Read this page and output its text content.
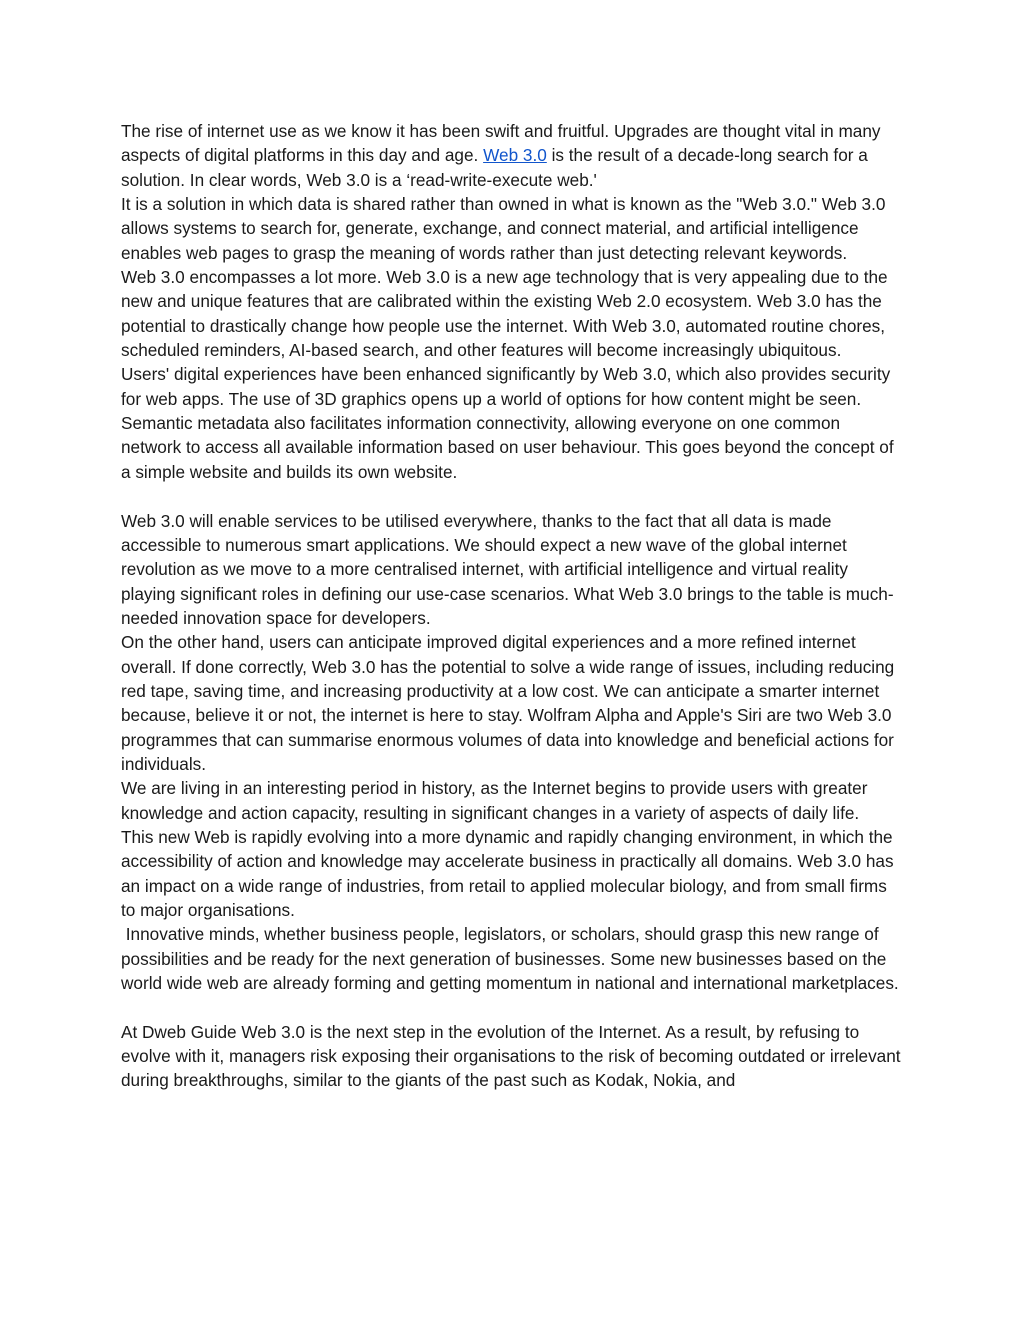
The rise of internet use as we know it has been swift and fruitful. Upgrades are thought vital in many aspects of digital platforms in this day and age. Web 3.0 is the result of a decade-long search for a solution. In clear words, Web 3.0 is a ‘read-write-execute web.'

It is a solution in which data is shared rather than owned in what is known as the "Web 3.0." Web 3.0 allows systems to search for, generate, exchange, and connect material, and artificial intelligence enables web pages to grasp the meaning of words rather than just detecting relevant keywords.

Web 3.0 encompasses a lot more. Web 3.0 is a new age technology that is very appealing due to the new and unique features that are calibrated within the existing Web 2.0 ecosystem. Web 3.0 has the potential to drastically change how people use the internet. With Web 3.0, automated routine chores, scheduled reminders, AI-based search, and other features will become increasingly ubiquitous.

Users' digital experiences have been enhanced significantly by Web 3.0, which also provides security for web apps. The use of 3D graphics opens up a world of options for how content might be seen. Semantic metadata also facilitates information connectivity, allowing everyone on one common network to access all available information based on user behaviour. This goes beyond the concept of a simple website and builds its own website.

Web 3.0 will enable services to be utilised everywhere, thanks to the fact that all data is made accessible to numerous smart applications. We should expect a new wave of the global internet revolution as we move to a more centralised internet, with artificial intelligence and virtual reality playing significant roles in defining our use-case scenarios. What Web 3.0 brings to the table is much-needed innovation space for developers.

On the other hand, users can anticipate improved digital experiences and a more refined internet overall. If done correctly, Web 3.0 has the potential to solve a wide range of issues, including reducing red tape, saving time, and increasing productivity at a low cost. We can anticipate a smarter internet because, believe it or not, the internet is here to stay. Wolfram Alpha and Apple's Siri are two Web 3.0 programmes that can summarise enormous volumes of data into knowledge and beneficial actions for individuals.

We are living in an interesting period in history, as the Internet begins to provide users with greater knowledge and action capacity, resulting in significant changes in a variety of aspects of daily life.

This new Web is rapidly evolving into a more dynamic and rapidly changing environment, in which the accessibility of action and knowledge may accelerate business in practically all domains. Web 3.0 has an impact on a wide range of industries, from retail to applied molecular biology, and from small firms to major organisations.

Innovative minds, whether business people, legislators, or scholars, should grasp this new range of possibilities and be ready for the next generation of businesses. Some new businesses based on the world wide web are already forming and getting momentum in national and international marketplaces.

At Dweb Guide Web 3.0 is the next step in the evolution of the Internet. As a result, by refusing to evolve with it, managers risk exposing their organisations to the risk of becoming outdated or irrelevant during breakthroughs, similar to the giants of the past such as Kodak, Nokia, and
